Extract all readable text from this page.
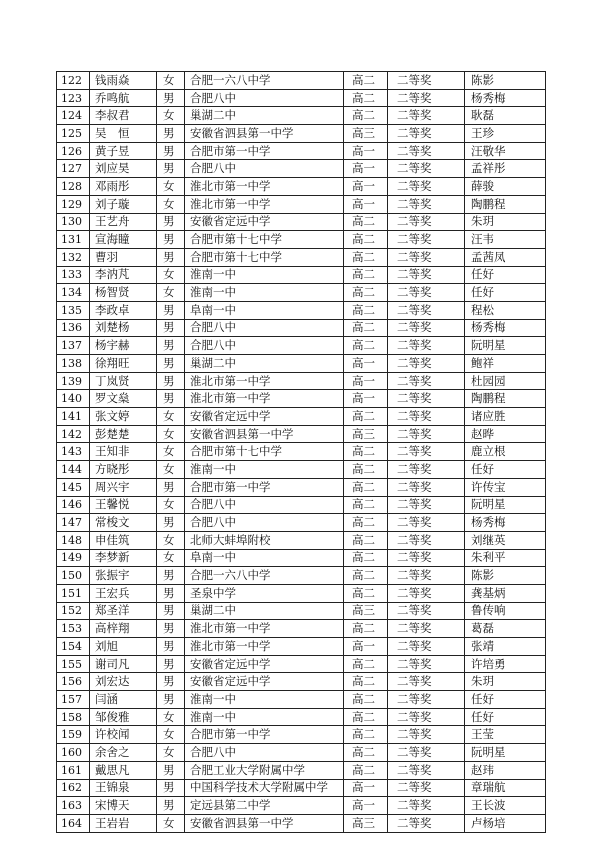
122	钱雨焱	女	合肥一六八中学	高二	二等奖	陈影
123	乔鸣航	男	合肥八中	高二	二等奖	杨秀梅
124	李叔君	女	巢湖二中	高二	二等奖	耿磊
125	吴　恒	男	安徽省泗县第一中学	高三	二等奖	王珍
126	黄子昱	男	合肥市第一中学	高一	二等奖	汪敬华
127	刘应昊	男	合肥八中	高一	二等奖	孟祥彤
128	邓雨彤	女	淮北市第一中学	高一	二等奖	薛骏
129	刘子璇	女	淮北市第一中学	高一	二等奖	陶鹏程
130	王艺舟	男	安徽省定远中学	高二	二等奖	朱玥
131	宣海瞳	男	合肥市第十七中学	高二	二等奖	汪韦
132	曹羽	男	合肥市第十七中学	高二	二等奖	孟茜凤
133	李汭芃	女	淮南一中	高二	二等奖	任好
134	杨智贤	女	淮南一中	高二	二等奖	任好
135	李政卓	男	阜南一中	高二	二等奖	程松
136	刘楚杨	男	合肥八中	高二	二等奖	杨秀梅
137	杨宇赫	男	合肥八中	高二	二等奖	阮明星
138	徐翔旺	男	巢湖二中	高一	二等奖	鲍祥
139	丁岚贤	男	淮北市第一中学	高一	二等奖	杜园园
140	罗文燊	男	淮北市第一中学	高一	二等奖	陶鹏程
141	张文婷	女	安徽省定远中学	高二	二等奖	诸应胜
142	彭楚楚	女	安徽省泗县第一中学	高三	二等奖	赵晔
143	王知非	女	合肥市第十七中学	高二	二等奖	鹿立根
144	方晓彤	女	淮南一中	高二	二等奖	任好
145	周兴宇	男	合肥市第一中学	高二	二等奖	许传宝
146	王馨悦	女	合肥八中	高二	二等奖	阮明星
147	常梭文	男	合肥八中	高二	二等奖	杨秀梅
148	申佳筑	女	北师大蚌埠附校	高二	二等奖	刘继英
149	李梦新	女	阜南一中	高二	二等奖	朱利平
150	张振宇	男	合肥一六八中学	高二	二等奖	陈影
151	王宏兵	男	圣泉中学	高二	二等奖	龚基炳
152	郑圣洋	男	巢湖二中	高三	二等奖	鲁传响
153	高梓翔	男	淮北市第一中学	高二	二等奖	葛磊
154	刘旭	男	淮北市第一中学	高一	二等奖	张靖
155	谢司凡	男	安徽省定远中学	高二	二等奖	许培勇
156	刘宏达	男	安徽省定远中学	高二	二等奖	朱玥
157	闫涵	男	淮南一中	高二	二等奖	任好
158	邹俊雅	女	淮南一中	高二	二等奖	任好
159	许校闻	女	合肥市第一中学	高二	二等奖	王莹
160	余舍之	女	合肥八中	高二	二等奖	阮明星
161	戴思凡	男	合肥工业大学附属中学	高二	二等奖	赵玮
162	王锦泉	男	中国科学技术大学附属中学	高一	二等奖	章瑞航
163	宋博天	男	定远县第二中学	高一	二等奖	王长波
164	王岩岩	女	安徽省泗县第一中学	高三	二等奖	卢杨培
